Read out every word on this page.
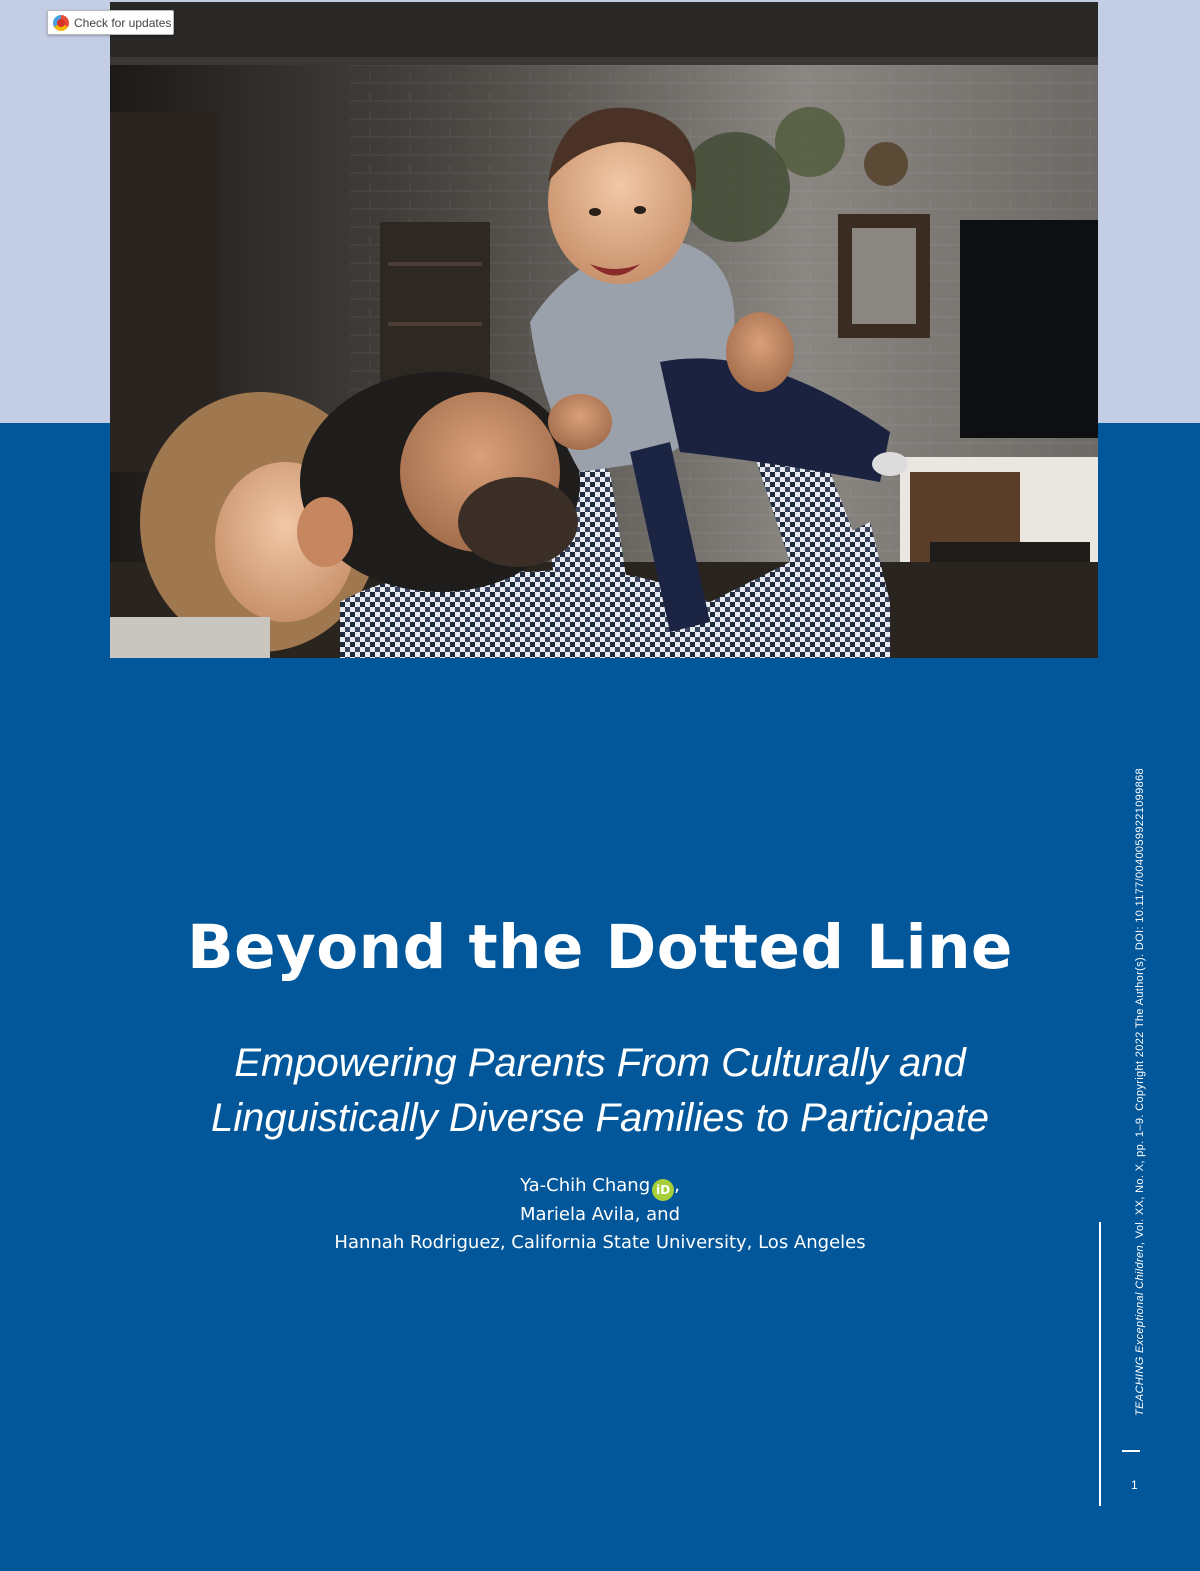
Check for updates
Beyond the Dotted Line
Empowering Parents From Culturally and
Linguistically Diverse Families to Participate
Ya-Chih Chang iD ,
Mariela Avila, and
Hannah Rodriguez, California State University, Los Angeles
TEACHING Exceptional Children, Vol. XX, No. X, pp. 1–9. Copyright 2022 The Author(s). DOI: 10.1177/00400599221099868
1
